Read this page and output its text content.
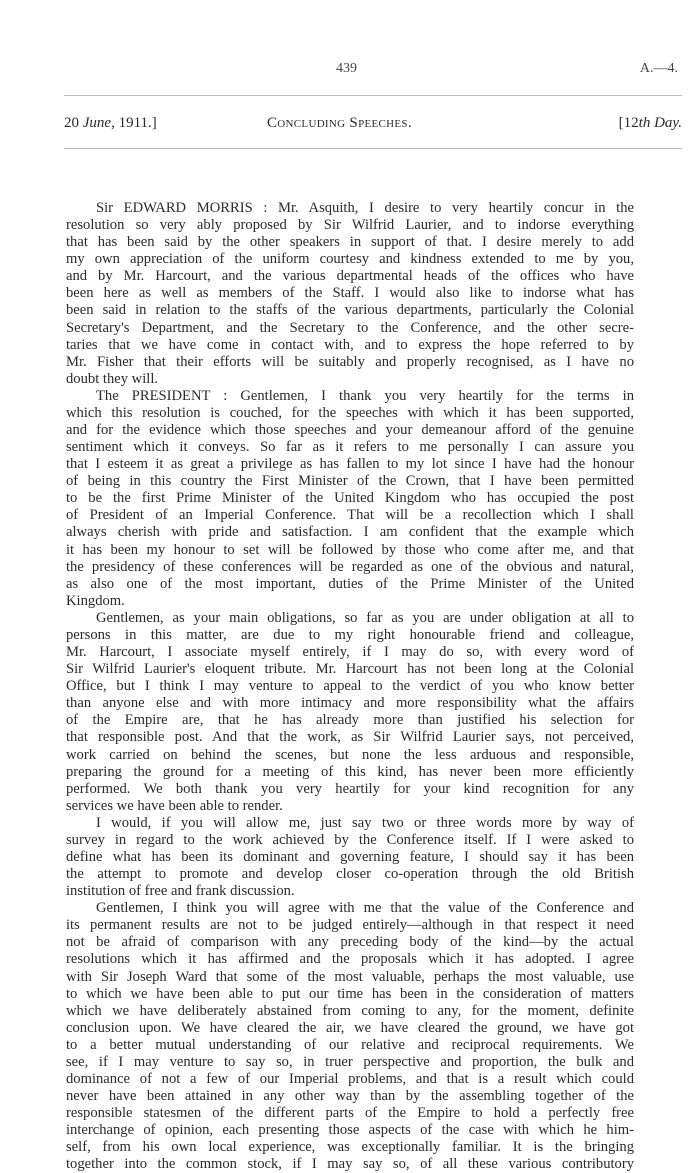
439	A.—4.
20 June, 1911.]	Concluding Speeches.	[12th Day.
Sir EDWARD MORRIS : Mr. Asquith, I desire to very heartily concur in the
resolution so very ably proposed by Sir Wilfrid Laurier, and to indorse everything
that has been said by the other speakers in support of that. I desire merely to add
my own appreciation of the uniform courtesy and kindness extended to me by you,
and by Mr. Harcourt, and the various departmental heads of the offices who have
been here as well as members of the Staff. I would also like to indorse what has
been said in relation to the staffs of the various departments, particularly the Colonial
Secretary's Department, and the Secretary to the Conference, and the other secre-
taries that we have come in contact with, and to express the hope referred to by
Mr. Fisher that their efforts will be suitably and properly recognised, as I have no
doubt they will.
The PRESIDENT : Gentlemen, I thank you very heartily for the terms in
which this resolution is couched, for the speeches with which it has been supported,
and for the evidence which those speeches and your demeanour afford of the genuine
sentiment which it conveys. So far as it refers to me personally I can assure you
that I esteem it as great a privilege as has fallen to my lot since I have had the honour
of being in this country the First Minister of the Crown, that I have been permitted
to be the first Prime Minister of the United Kingdom who has occupied the post
of President of an Imperial Conference. That will be a recollection which I shall
always cherish with pride and satisfaction. I am confident that the example which
it has been my honour to set will be followed by those who come after me, and that
the presidency of these conferences will be regarded as one of the obvious and natural,
as also one of the most important, duties of the Prime Minister of the United
Kingdom.
Gentlemen, as your main obligations, so far as you are under obligation at all to
persons in this matter, are due to my right honourable friend and colleague,
Mr. Harcourt, I associate myself entirely, if I may do so, with every word of
Sir Wilfrid Laurier's eloquent tribute. Mr. Harcourt has not been long at the Colonial
Office, but I think I may venture to appeal to the verdict of you who know better
than anyone else and with more intimacy and more responsibility what the affairs
of the Empire are, that he has already more than justified his selection for
that responsible post. And that the work, as Sir Wilfrid Laurier says, not perceived,
work carried on behind the scenes, but none the less arduous and responsible,
preparing the ground for a meeting of this kind, has never been more efficiently
performed. We both thank you very heartily for your kind recognition for any
services we have been able to render.
I would, if you will allow me, just say two or three words more by way of
survey in regard to the work achieved by the Conference itself. If I were asked to
define what has been its dominant and governing feature, I should say it has been
the attempt to promote and develop closer co-operation through the old British
institution of free and frank discussion.
Gentlemen, I think you will agree with me that the value of the Conference and
its permanent results are not to be judged entirely—although in that respect it need
not be afraid of comparison with any preceding body of the kind—by the actual
resolutions which it has affirmed and the proposals which it has adopted. I agree
with Sir Joseph Ward that some of the most valuable, perhaps the most valuable, use
to which we have been able to put our time has been in the consideration of matters
which we have deliberately abstained from coming to any, for the moment, definite
conclusion upon. We have cleared the air, we have cleared the ground, we have got
to a better mutual understanding of our relative and reciprocal requirements. We
see, if I may venture to say so, in truer perspective and proportion, the bulk and
dominance of not a few of our Imperial problems, and that is a result which could
never have been attained in any other way than by the assembling together of the
responsible statesmen of the different parts of the Empire to hold a perfectly free
interchange of opinion, each presenting those aspects of the case with which he him-
self, from his own local experience, was exceptionally familiar. It is the bringing
together into the common stock, if I may say so, of all these various contributory
